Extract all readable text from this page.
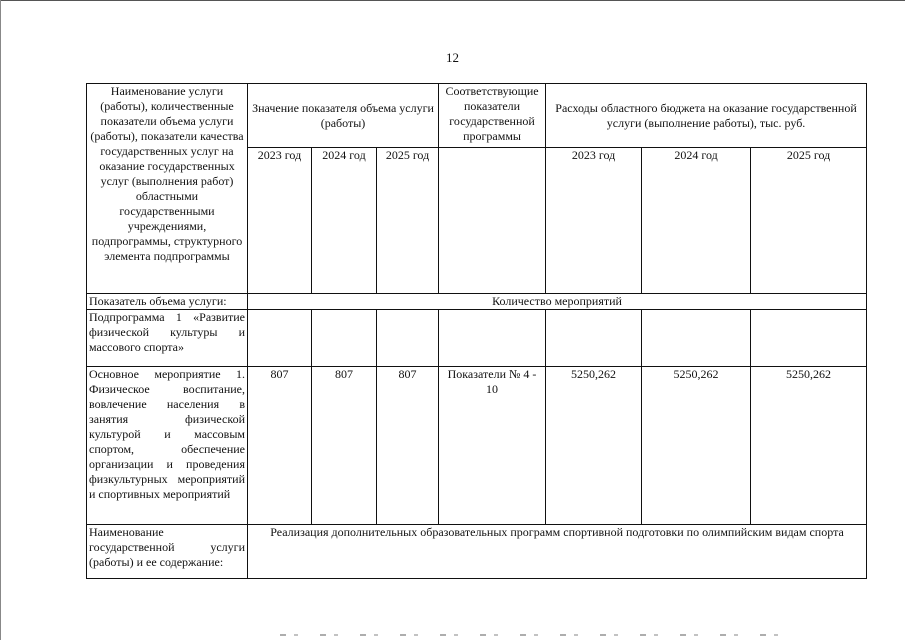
12
Наименование услуги (работы), количественные показатели объема услуги (работы), показатели качества государственных услуг на оказание государственных услуг (выполнения работ) областными государственными учреждениями, подпрограммы, структурного элемента подпрограммы	Значение показателя объема услуги (работы)			Соответствующие показатели государственной программы	Расходы областного бюджета на оказание государственной услуги (выполнение работы), тыс. руб.		
	2023 год	2024 год	2025 год		2023 год	2024 год	2025 год
Показатель объема услуги:	Количество мероприятий						
Подпрограмма 1 «Развитие физической культуры и массового спорта»							
Основное мероприятие 1. Физическое воспитание, вовлечение населения в занятия физической культурой и массовым спортом, обеспечение организации и проведения физкультурных мероприятий и спортивных мероприятий	807	807	807	Показатели № 4 - 10	5250,262	5250,262	5250,262
Наименование государственной услуги (работы) и ее содержание:	Реализация дополнительных образовательных программ спортивной подготовки по олимпийским видам спорта						
